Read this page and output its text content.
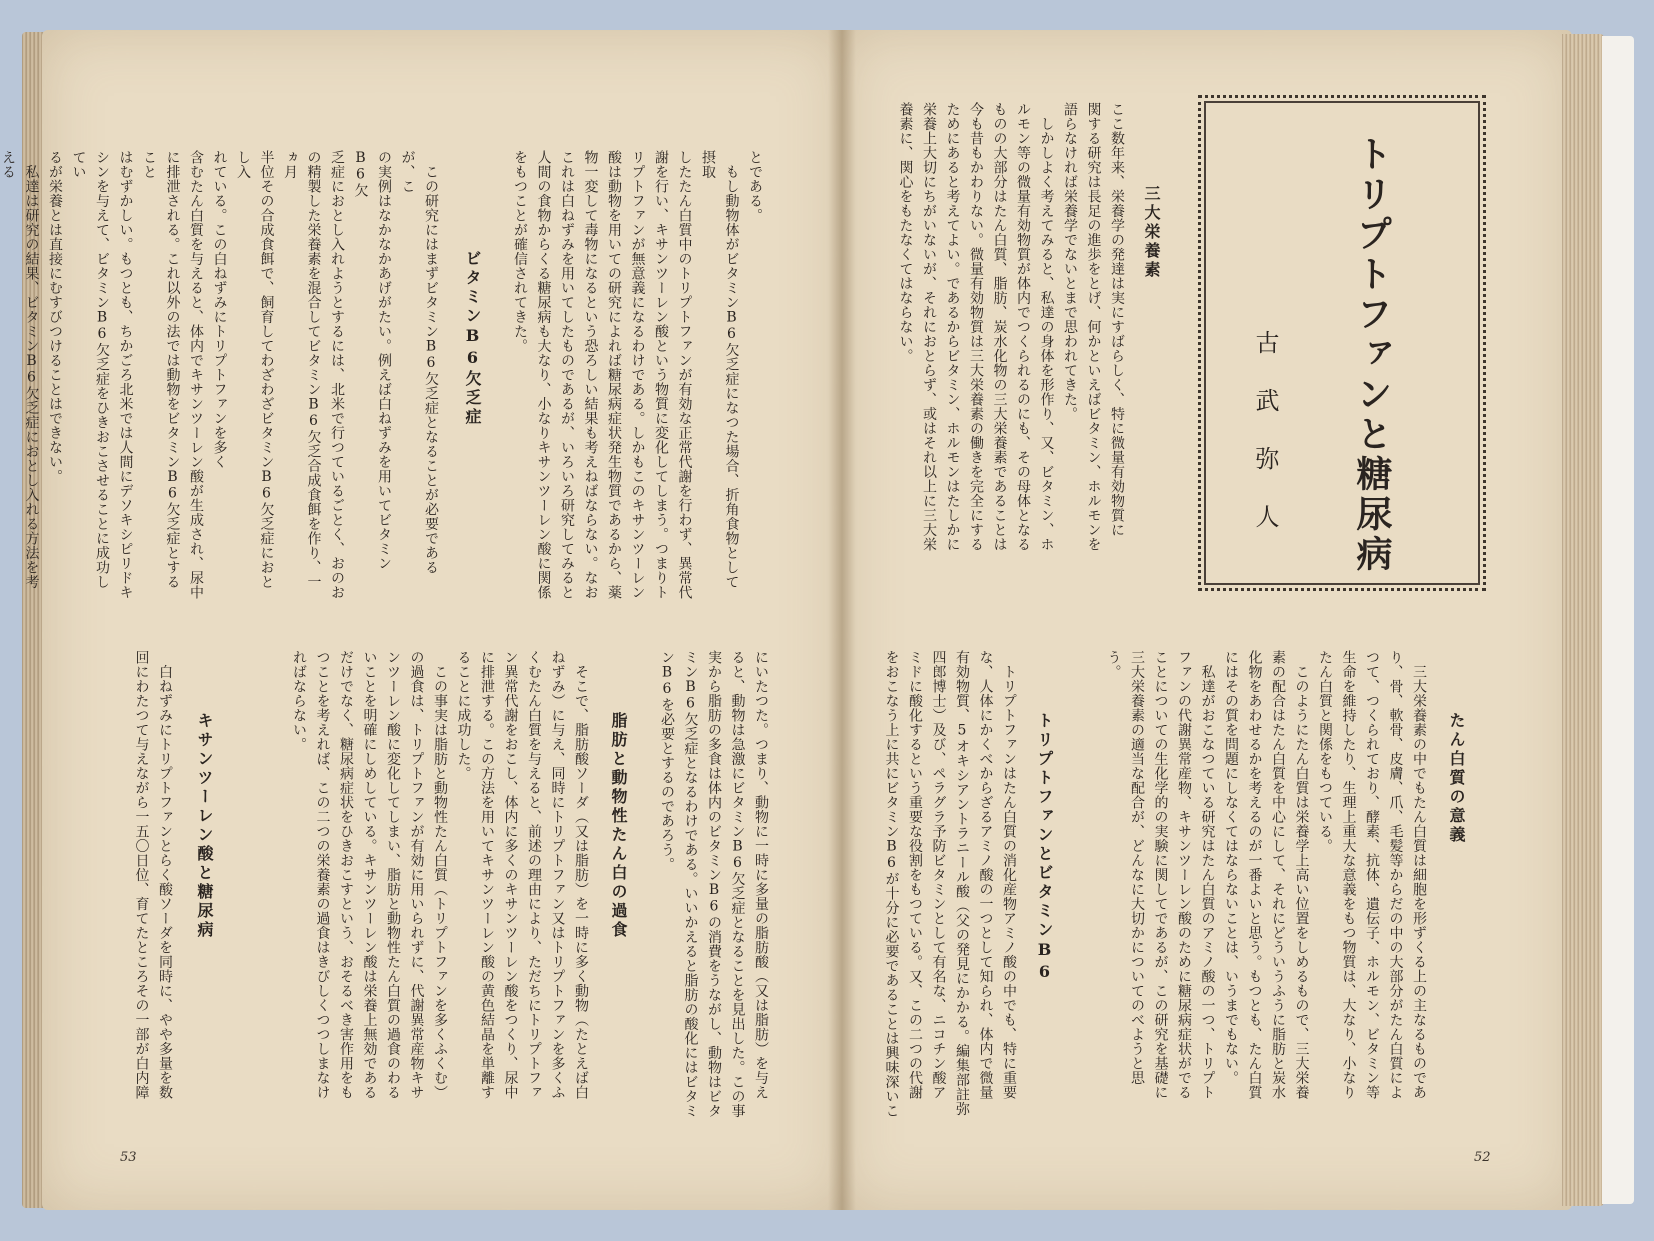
トリプトファンと糖尿病
古武弥人
三大栄養素
ここ数年来、栄養学の発達は実にすばらしく、特に微量有効物質に
関する研究は長足の進歩をとげ、何かといえばビタミン、ホルモンを
語らなければ栄養学でないとまで思われてきた。
　しかしよく考えてみると、私達の身体を形作り、又、ビタミン、ホ
ルモン等の微量有効物質が体内でつくられるのにも、その母体となる
ものの大部分はたん白質、脂肪、炭水化物の三大栄養素であることは
今も昔もかわりない。微量有効物質は三大栄養素の働きを完全にする
ためにあると考えてよい。であるからビタミン、ホルモンはたしかに
栄養上大切にちがいないが、それにおとらず、或はそれ以上に三大栄
養素に、関心をもたなくてはならない。
たん白質の意義
　三大栄養素の中でもたん白質は細胞を形ずくる上の主なるものであ
り、骨、軟骨、皮膚、爪、毛髪等からだの中の大部分がたん白質によ
つて、つくられており、酵素、抗体、遺伝子、ホルモン、ビタミン等
生命を維持したり、生理上重大な意義をもつ物質は、大なり、小なり
たん白質と関係をもつている。
　このようにたん白質は栄養学上高い位置をしめるもので、三大栄養
素の配合はたん白質を中心にして、それにどういうふうに脂肪と炭水
化物をあわせるかを考えるのが一番よいと思う。もつとも、たん白質
にはその質を問題にしなくてはならないことは、いうまでもない。
　私達がおこなつている研究はたん白質のアミノ酸の一つ、トリプト
ファンの代謝異常産物、キサンツーレン酸のために糖尿病症状がでる
ことについての生化学的の実験に関してであるが、この研究を基礎に
三大栄養素の適当な配合が、どんなに大切かについてのべようと思
う。
トリプトファンとビタミンB6
　トリプトファンはたん白質の消化産物アミノ酸の中でも、特に重要
な、人体にかくべからざるアミノ酸の一つとして知られ、体内で微量
有効物質、5オキシアントラニール酸（父の発見にかかる。編集部註弥
四郎博士）及び、ペラグラ予防ビタミンとして有名な、ニコチン酸ア
ミドに酸化するという重要な役割をもつている。又、この二つの代謝
をおこなう上に共にビタミンB6が十分に必要であることは興味深いこ
52
とである。
　もし動物体がビタミンB6欠乏症になつた場合、折角食物として摂取
したたん白質中のトリプトファンが有効な正常代謝を行わず、異常代
謝を行い、キサンツーレン酸という物質に変化してしまう。つまりト
リプトファンが無意義になるわけである。しかもこのキサンツーレン
酸は動物を用いての研究によれば糖尿病症状発生物質であるから、薬
物一変して毒物になるという恐ろしい結果も考えねばならない。なお
これは白ねずみを用いてしたものであるが、いろいろ研究してみると
人間の食物からくる糖尿病も大なり、小なりキサンツーレン酸に関係
をもつことが確信されてきた。
ビタミンB6欠乏症
　この研究にはまずビタミンB6欠乏症となることが必要であるが、こ
の実例はなかなかあげがたい。例えば白ねずみを用いてビタミンB6欠
乏症におとし入れようとするには、北米で行つているごとく、おのお
の精製した栄養素を混合してビタミンB6欠乏合成食餌を作り、一ヵ月
半位その合成食餌で、飼育してわざわざビタミンB6欠乏症におとし入
れている。この白ねずみにトリプトファンを多く
含むたん白質を与えると、体内でキサンツーレン酸が生成され、尿中
に排泄される。これ以外の法では動物をビタミンB6欠乏症とすること
はむずかしい。もつとも、ちかごろ北米では人間にデソキシピリドキ
シンを与えて、ビタミンB6欠乏症をひきおこさせることに成功してい
るが栄養とは直接にむすびつけることはできない。
　私達は研究の結果、ビタミンB6欠乏症におとし入れる方法を考える
にいたつた。つまり、動物に一時に多量の脂肪酸（又は脂肪）を与え
ると、動物は急激にビタミンB6欠乏症となることを見出した。この事
実から脂肪の多食は体内のビタミンB6の消費をうながし、動物はビタ
ミンB6欠乏症となるわけである。いいかえると脂肪の酸化にはビタミ
ンB6を必要とするのであろう。
脂肪と動物性たん白の過食
　そこで、脂肪酸ソーダ（又は脂肪）を一時に多く動物（たとえば白
ねずみ）に与え、同時にトリプトファン又はトリプトファンを多くふ
くむたん白質を与えると、前述の理由により、ただちにトリプトファ
ン異常代謝をおこし、体内に多くのキサンツーレン酸をつくり、尿中
に排泄する。この方法を用いてキサンツーレン酸の黄色結晶を単離す
ることに成功した。
　この事実は脂肪と動物性たん白質（トリプトファンを多くふくむ）
の過食は、トリプトファンが有効に用いられずに、代謝異常産物キサ
ンツーレン酸に変化してしまい、脂肪と動物性たん白質の過食のわる
いことを明確にしめしている。キサンツーレン酸は栄養上無効である
だけでなく、糖尿病症状をひきおこすという、おそるべき害作用をも
つことを考えれば、この二つの栄養素の過食はきびしくつつしまなけ
ればならない。
キサンツーレン酸と糖尿病
　白ねずみにトリプトファンとらく酸ソーダを同時に、やや多量を数
回にわたつて与えながら一五〇日位、育てたところその一部が白内障
53
